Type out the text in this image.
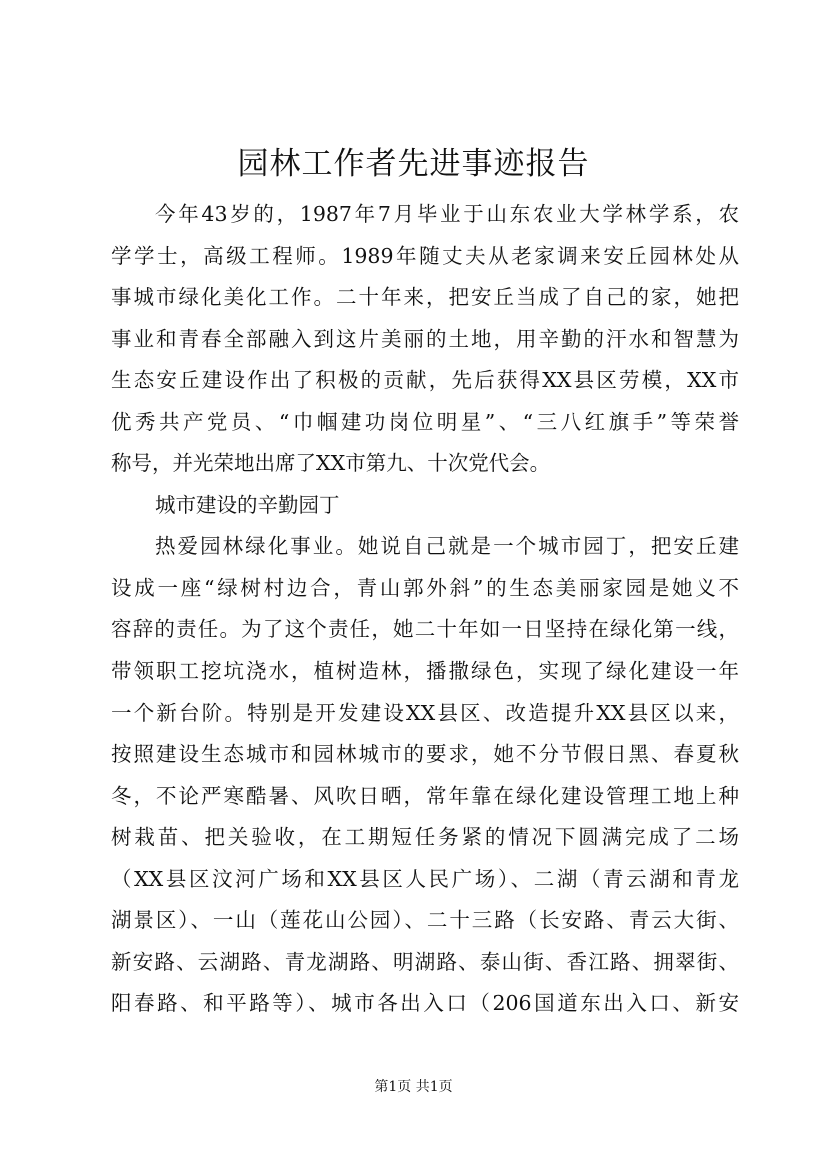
园林工作者先进事迹报告
今年43岁的，1987年7月毕业于山东农业大学林学系，农
学学士，高级工程师。1989年随丈夫从老家调来安丘园林处从
事城市绿化美化工作。二十年来，把安丘当成了自己的家，她把
事业和青春全部融入到这片美丽的土地，用辛勤的汗水和智慧为
生态安丘建设作出了积极的贡献，先后获得XX县区劳模，XX市
优秀共产党员、“巾帼建功岗位明星”、“三八红旗手”等荣誉
称号，并光荣地出席了XX市第九、十次党代会。
城市建设的辛勤园丁
热爱园林绿化事业。她说自己就是一个城市园丁，把安丘建
设成一座“绿树村边合，青山郭外斜”的生态美丽家园是她义不
容辞的责任。为了这个责任，她二十年如一日坚持在绿化第一线，
带领职工挖坑浇水，植树造林，播撒绿色，实现了绿化建设一年
一个新台阶。特别是开发建设XX县区、改造提升XX县区以来，
按照建设生态城市和园林城市的要求，她不分节假日黑、春夏秋
冬，不论严寒酷暑、风吹日晒，常年靠在绿化建设管理工地上种
树栽苗、把关验收，在工期短任务紧的情况下圆满完成了二场
（XX县区汶河广场和XX县区人民广场）、二湖（青云湖和青龙
湖景区）、一山（莲花山公园）、二十三路（长安路、青云大街、
新安路、云湖路、青龙湖路、明湖路、泰山街、香江路、拥翠街、
阳春路、和平路等）、城市各出入口（206国道东出入口、新安
第1页 共1页
